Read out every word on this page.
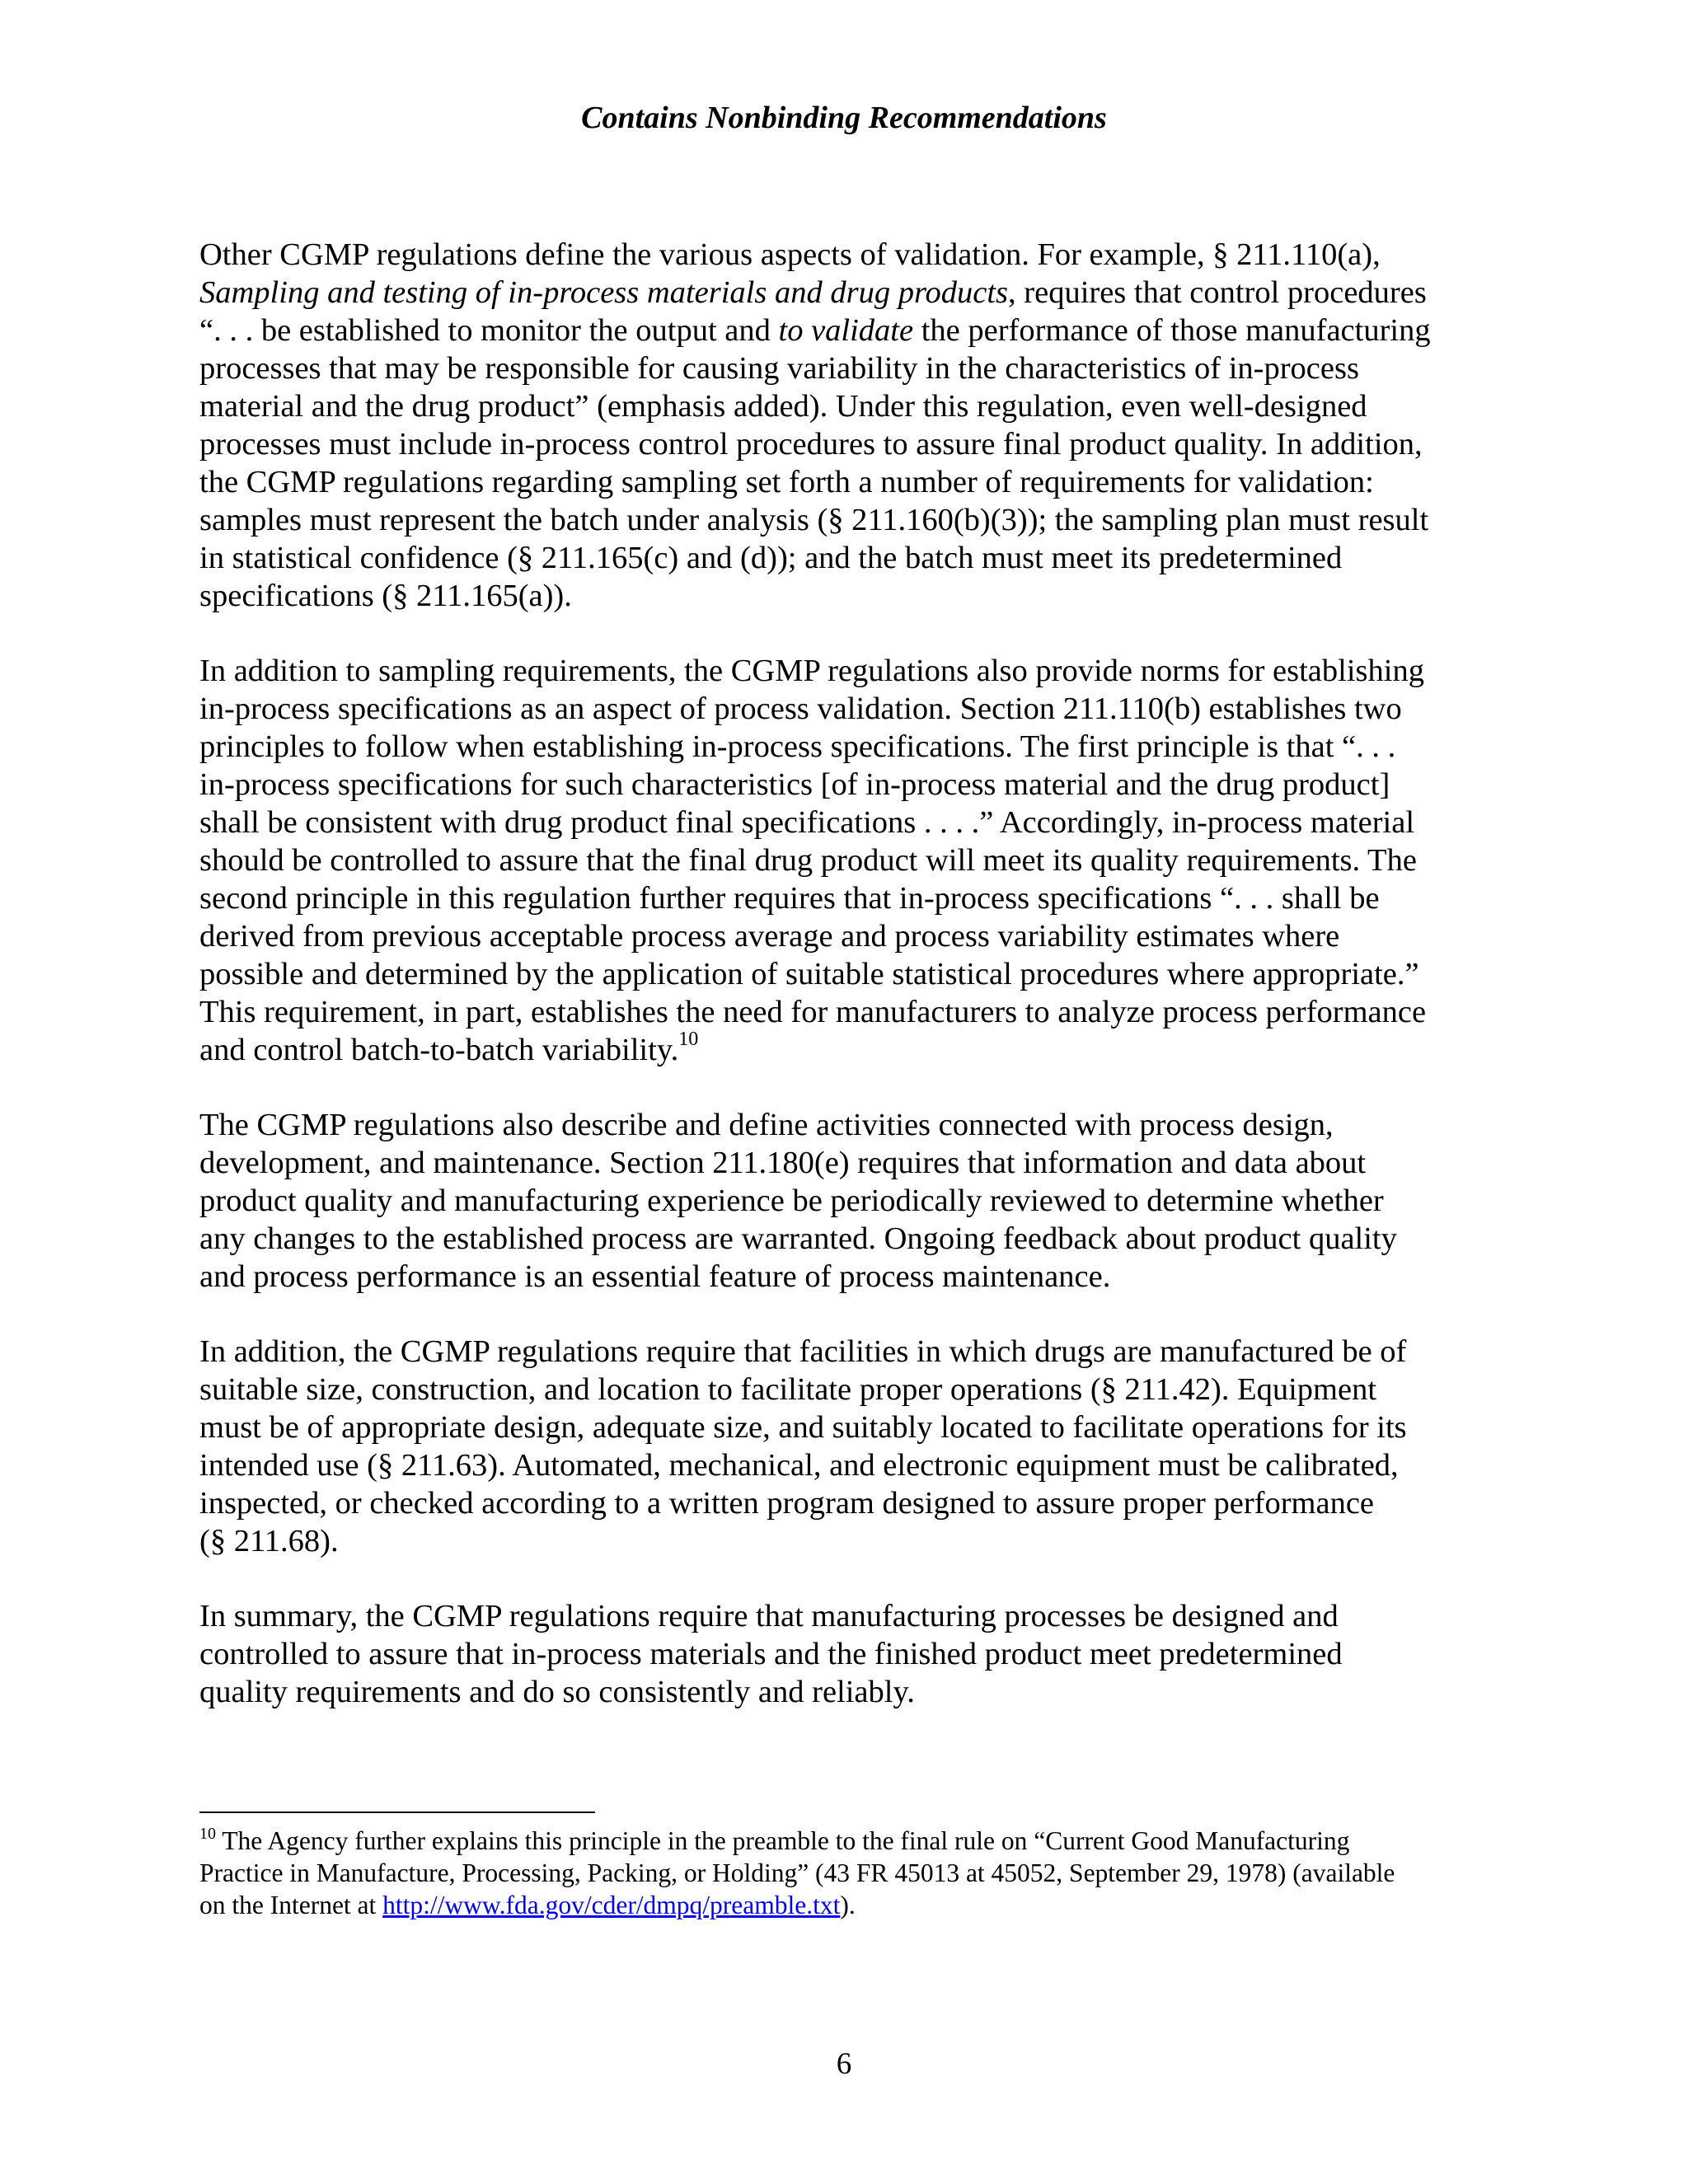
Contains Nonbinding Recommendations

Other CGMP regulations define the various aspects of validation. For example, § 211.110(a),
Sampling and testing of in-process materials and drug products, requires that control procedures
“. . . be established to monitor the output and to validate the performance of those manufacturing
processes that may be responsible for causing variability in the characteristics of in-process
material and the drug product” (emphasis added). Under this regulation, even well-designed
processes must include in-process control procedures to assure final product quality. In addition,
the CGMP regulations regarding sampling set forth a number of requirements for validation:
samples must represent the batch under analysis (§ 211.160(b)(3)); the sampling plan must result
in statistical confidence (§ 211.165(c) and (d)); and the batch must meet its predetermined
specifications (§ 211.165(a)).

In addition to sampling requirements, the CGMP regulations also provide norms for establishing
in-process specifications as an aspect of process validation. Section 211.110(b) establishes two
principles to follow when establishing in-process specifications. The first principle is that “. . .
in-process specifications for such characteristics [of in-process material and the drug product]
shall be consistent with drug product final specifications . . . .” Accordingly, in-process material
should be controlled to assure that the final drug product will meet its quality requirements. The
second principle in this regulation further requires that in-process specifications “. . . shall be
derived from previous acceptable process average and process variability estimates where
possible and determined by the application of suitable statistical procedures where appropriate.”
This requirement, in part, establishes the need for manufacturers to analyze process performance
and control batch-to-batch variability.$^{10}$

The CGMP regulations also describe and define activities connected with process design,
development, and maintenance. Section 211.180(e) requires that information and data about
product quality and manufacturing experience be periodically reviewed to determine whether
any changes to the established process are warranted. Ongoing feedback about product quality
and process performance is an essential feature of process maintenance.

In addition, the CGMP regulations require that facilities in which drugs are manufactured be of
suitable size, construction, and location to facilitate proper operations (§ 211.42). Equipment
must be of appropriate design, adequate size, and suitably located to facilitate operations for its
intended use (§ 211.63). Automated, mechanical, and electronic equipment must be calibrated,
inspected, or checked according to a written program designed to assure proper performance
(§ 211.68).

In summary, the CGMP regulations require that manufacturing processes be designed and
controlled to assure that in-process materials and the finished product meet predetermined
quality requirements and do so consistently and reliably.

$^{10}$ The Agency further explains this principle in the preamble to the final rule on “Current Good Manufacturing
Practice in Manufacture, Processing, Packing, or Holding” (43 FR 45013 at 45052, September 29, 1978) (available
on the Internet at http://www.fda.gov/cder/dmpq/preamble.txt).
6
